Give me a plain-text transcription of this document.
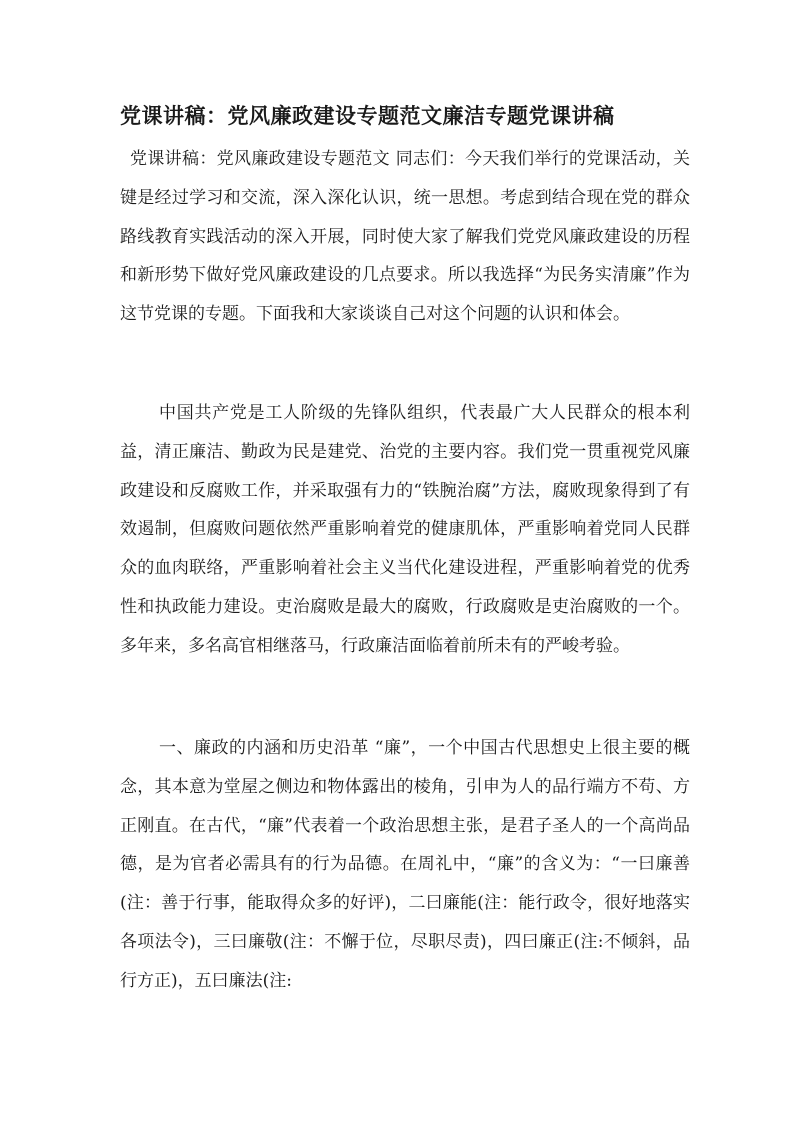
党课讲稿：党风廉政建设专题范文廉洁专题党课讲稿

党课讲稿：党风廉政建设专题范文 同志们：今天我们举行的党课活动，关键是经过学习和交流，深入深化认识，统一思想。考虑到结合现在党的群众路线教育实践活动的深入开展，同时使大家了解我们党党风廉政建设的历程和新形势下做好党风廉政建设的几点要求。所以我选择“为民务实清廉”作为这节党课的专题。下面我和大家谈谈自己对这个问题的认识和体会。

中国共产党是工人阶级的先锋队组织，代表最广大人民群众的根本利益，清正廉洁、勤政为民是建党、治党的主要内容。我们党一贯重视党风廉政建设和反腐败工作，并采取强有力的“铁腕治腐”方法，腐败现象得到了有效遏制，但腐败问题依然严重影响着党的健康肌体，严重影响着党同人民群众的血肉联络，严重影响着社会主义当代化建设进程，严重影响着党的优秀性和执政能力建设。吏治腐败是最大的腐败，行政腐败是吏治腐败的一个。多年来，多名高官相继落马，行政廉洁面临着前所未有的严峻考验。

一、廉政的内涵和历史沿革 “廉”，一个中国古代思想史上很主要的概念，其本意为堂屋之侧边和物体露出的棱角，引申为人的品行端方不苟、方正刚直。在古代，“廉”代表着一个政治思想主张，是君子圣人的一个高尚品德，是为官者必需具有的行为品德。在周礼中，“廉”的含义为：“一曰廉善(注：善于行事，能取得众多的好评)，二曰廉能(注：能行政令，很好地落实各项法令)，三曰廉敬(注：不懈于位，尽职尽责)，四曰廉正(注:不倾斜，品行方正)，五曰廉法(注:
